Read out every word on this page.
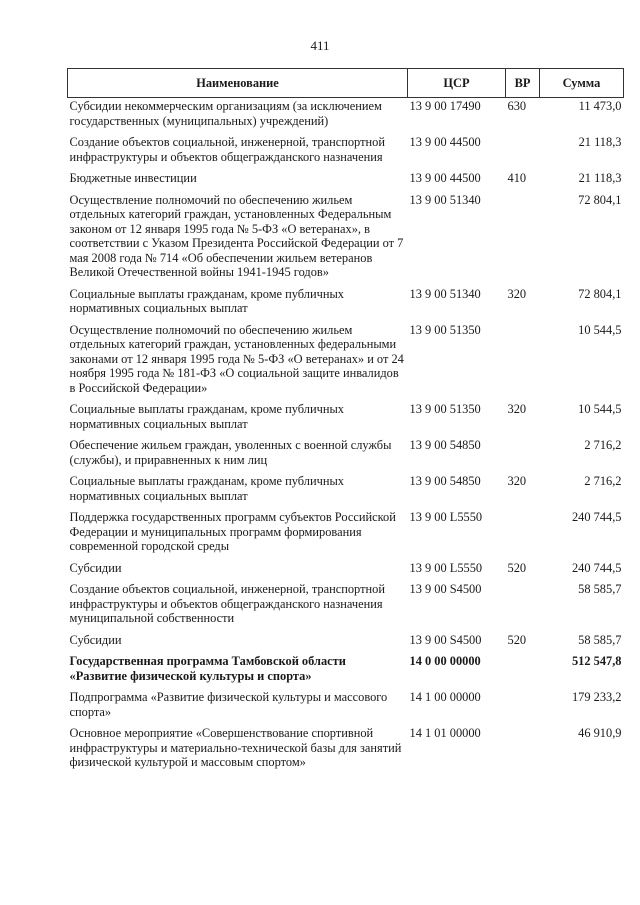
411
Наименование	ЦСР	ВР	Сумма
Субсидии некоммерческим организациям (за исключением государственных (муниципальных) учреждений)	13 9 00 17490	630	11 473,0
Создание объектов социальной, инженерной, транспортной инфраструктуры и объектов общегражданского назначения	13 9 00 44500		21 118,3
Бюджетные инвестиции	13 9 00 44500	410	21 118,3
Осуществление полномочий по обеспечению жильем отдельных категорий граждан, установленных Федеральным законом от 12 января 1995 года № 5-ФЗ «О ветеранах», в соответствии с Указом Президента Российской Федерации от 7 мая 2008 года № 714 «Об обеспечении жильем ветеранов Великой Отечественной войны 1941-1945 годов»	13 9 00 51340		72 804,1
Социальные выплаты гражданам, кроме публичных нормативных социальных выплат	13 9 00 51340	320	72 804,1
Осуществление полномочий по обеспечению жильем отдельных категорий граждан, установленных федеральными законами от 12 января 1995 года № 5-ФЗ «О ветеранах» и от 24 ноября 1995 года № 181-ФЗ «О социальной защите инвалидов в Российской Федерации»	13 9 00 51350		10 544,5
Социальные выплаты гражданам, кроме публичных нормативных социальных выплат	13 9 00 51350	320	10 544,5
Обеспечение жильем граждан, уволенных с военной службы (службы), и приравненных к ним лиц	13 9 00 54850		2 716,2
Социальные выплаты гражданам, кроме публичных нормативных социальных выплат	13 9 00 54850	320	2 716,2
Поддержка государственных программ субъектов Российской Федерации и муниципальных программ формирования современной городской среды	13 9 00 L5550		240 744,5
Субсидии	13 9 00 L5550	520	240 744,5
Создание объектов социальной, инженерной, транспортной инфраструктуры и объектов общегражданского назначения муниципальной собственности	13 9 00 S4500		58 585,7
Субсидии	13 9 00 S4500	520	58 585,7
Государственная программа Тамбовской области «Развитие физической культуры и спорта»	14 0 00 00000		512 547,8
Подпрограмма «Развитие физической культуры и массового спорта»	14 1 00 00000		179 233,2
Основное мероприятие «Совершенствование спортивной инфраструктуры и материально-технической базы для занятий физической культурой и массовым спортом»	14 1 01 00000		46 910,9
